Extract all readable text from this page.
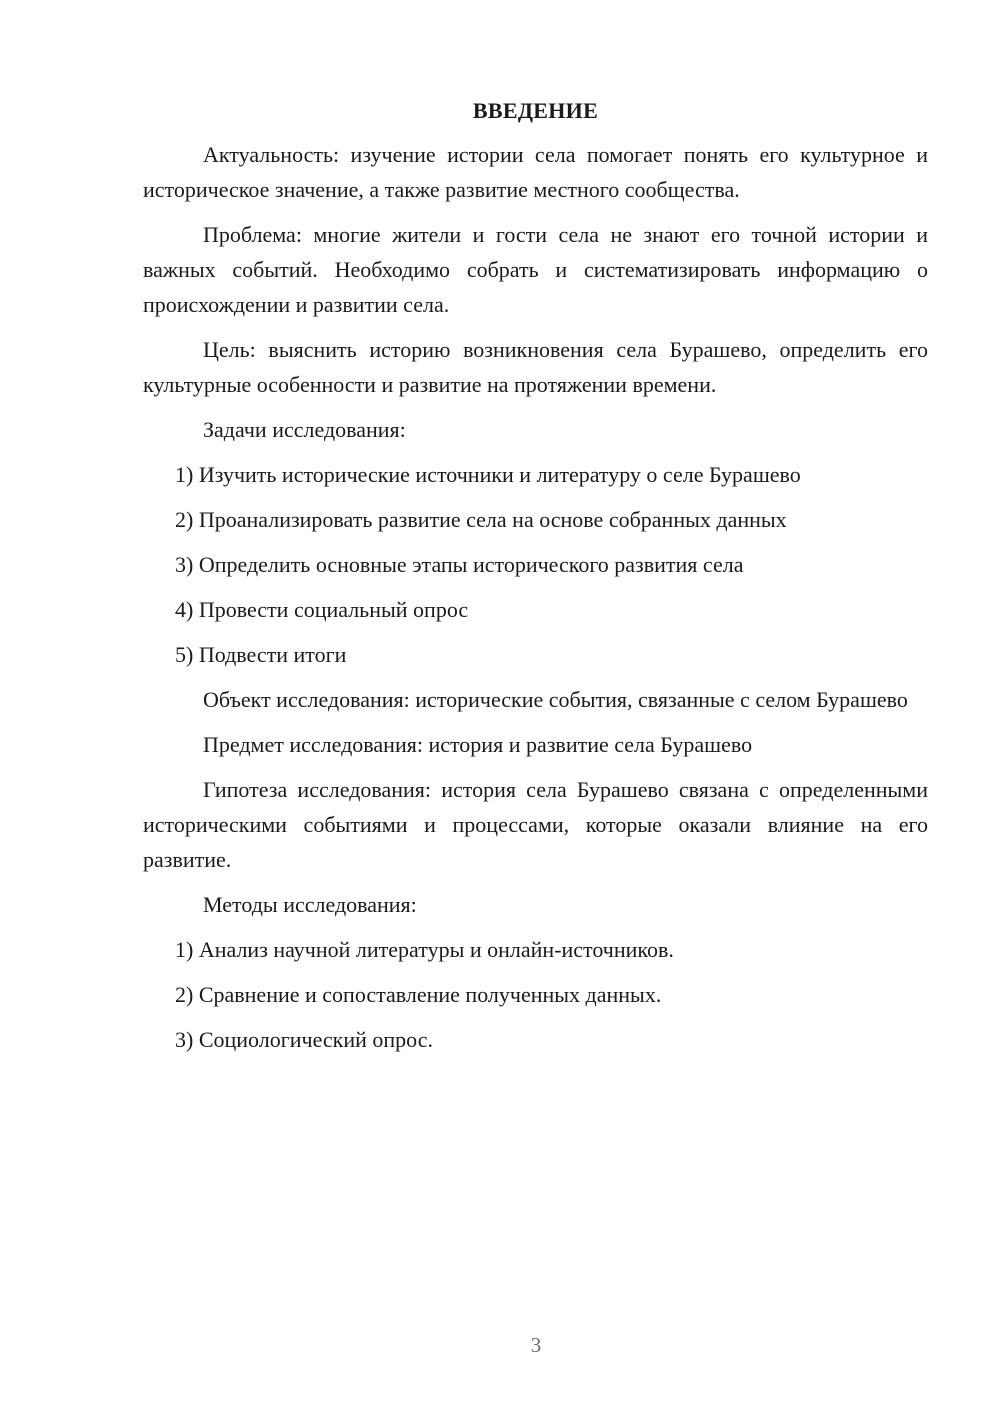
ВВЕДЕНИЕ

Актуальность: изучение истории села помогает понять его культурное и историческое значение, а также развитие местного сообщества.

Проблема: многие жители и гости села не знают его точной истории и важных событий. Необходимо собрать и систематизировать информацию о происхождении и развитии села.

Цель: выяснить историю возникновения села Бурашево, определить его культурные особенности и развитие на протяжении времени.

Задачи исследования:

1) Изучить исторические источники и литературу о селе Бурашево
2) Проанализировать развитие села на основе собранных данных
3) Определить основные этапы исторического развития села
4) Провести социальный опрос
5) Подвести итоги

Объект исследования: исторические события, связанные с селом Бурашево

Предмет исследования: история и развитие села Бурашево

Гипотеза исследования: история села Бурашево связана с определенными историческими событиями и процессами, которые оказали влияние на его развитие.

Методы исследования:

1) Анализ научной литературы и онлайн-источников.
2) Сравнение и сопоставление полученных данных.
3) Социологический опрос.
3
